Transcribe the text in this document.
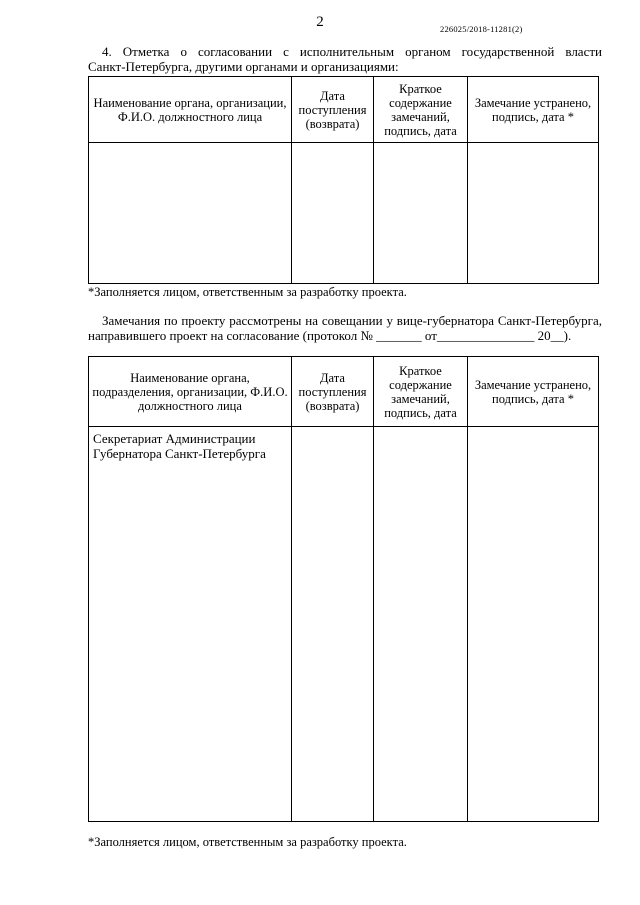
2	226025/2018-11281(2)
4. Отметка о согласовании с исполнительным органом государственной власти
Санкт-Петербурга, другими органами и организациями:
Наименование органа, организации, Ф.И.О. должностного лица	Дата поступления (возврата)	Краткое содержание замечаний, подпись, дата	Замечание устранено, подпись, дата *

*Заполняется лицом, ответственным за разработку проекта.
Замечания по проекту рассмотрены на совещании у вице-губернатора Санкт-Петербурга,
направившего проект на согласование (протокол № _______ от_______________ 20__).
Наименование органа, подразделения, организации, Ф.И.О. должностного лица	Дата поступления (возврата)	Краткое содержание замечаний, подпись, дата	Замечание устранено, подпись, дата *
Секретариат Администрации Губернатора Санкт-Петербурга			
*Заполняется лицом, ответственным за разработку проекта.
